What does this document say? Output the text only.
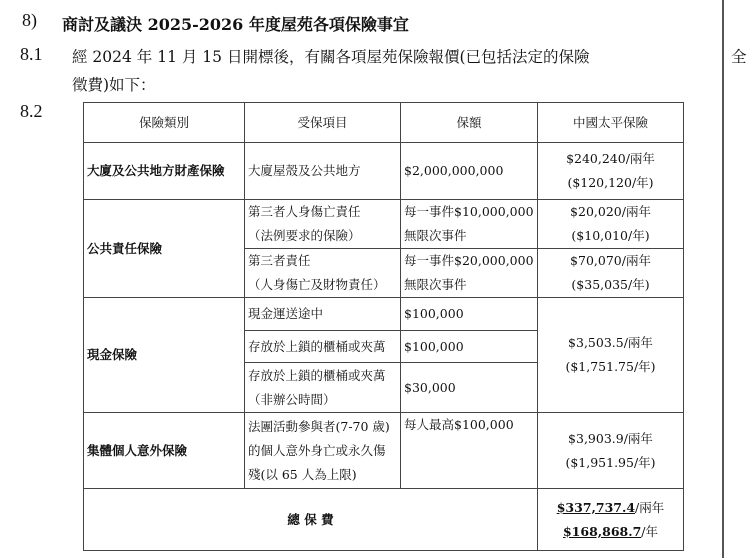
8) 商討及議決 2025-2026 年度屋苑各項保險事宜
8.1 經 2024 年 11 月 15 日開標後，有關各項屋苑保險報價(已包括法定的保險	全
徵費)如下：
8.2
保險類別	受保項目	保額	中國太平保險
大廈及公共地方財產保險	大廈屋殼及公共地方	$2,000,000,000	$240,240/兩年
($120,120/年)

公共責任保險	第三者人身傷亡責任
（法例要求的保險）	每一事件$10,000,000
無限次事件	$20,020/兩年
($10,010/年)

	第三者責任
（人身傷亡及財物責任）	每一事件$20,000,000
無限次事件	$70,070/兩年
($35,035/年)

現金保險	現金運送途中	$100,000	$3,503.5/兩年
($1,751.75/年)

	存放於上鎖的櫃桶或夾萬	$100,000	

	存放於上鎖的櫃桶或夾萬
（非辦公時間）	$30,000	
集體個人意外保險	法團活動參與者(7-70 歲)
的個人意外身亡或永久傷
殘(以 65 人為上限)	每人最高$100,000	$3,903.9/兩年
($1,951.95/年)

總 保 費			$337,737.4/兩年
$168,868.7/年
